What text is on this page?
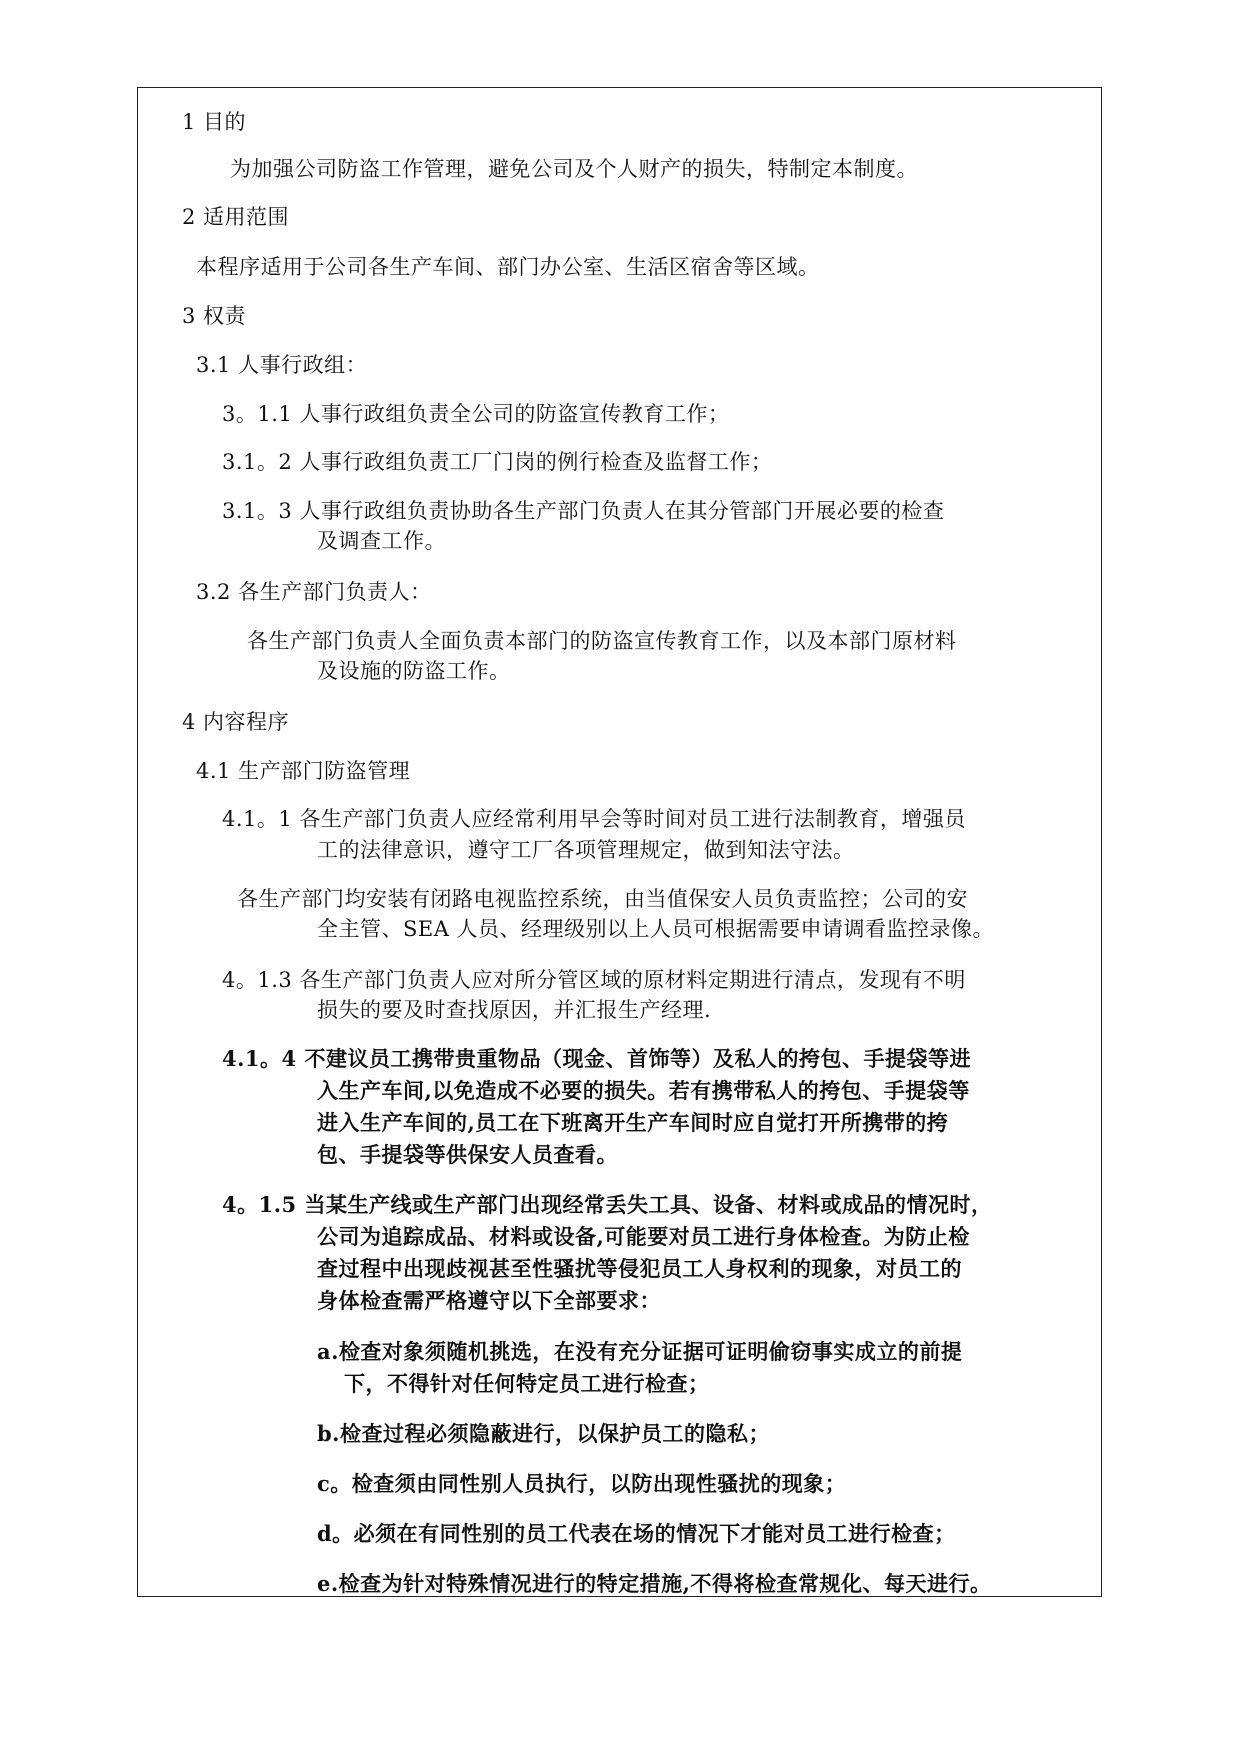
1 目的
为加强公司防盗工作管理，避免公司及个人财产的损失，特制定本制度。
2 适用范围
本程序适用于公司各生产车间、部门办公室、生活区宿舍等区域。
3 权责
3.1 人事行政组：
3。1.1 人事行政组负责全公司的防盗宣传教育工作；
3.1。2 人事行政组负责工厂门岗的例行检查及监督工作；
3.1。3 人事行政组负责协助各生产部门负责人在其分管部门开展必要的检查
及调查工作。
3.2 各生产部门负责人：
各生产部门负责人全面负责本部门的防盗宣传教育工作，以及本部门原材料
及设施的防盗工作。
4 内容程序
4.1 生产部门防盗管理
4.1。1 各生产部门负责人应经常利用早会等时间对员工进行法制教育，增强员
工的法律意识，遵守工厂各项管理规定，做到知法守法。
各生产部门均安装有闭路电视监控系统，由当值保安人员负责监控；公司的安
全主管、SEA 人员、经理级别以上人员可根据需要申请调看监控录像。
4。1.3 各生产部门负责人应对所分管区域的原材料定期进行清点，发现有不明
损失的要及时查找原因，并汇报生产经理.
4.1。4 不建议员工携带贵重物品（现金、首饰等）及私人的挎包、手提袋等进
入生产车间,以免造成不必要的损失。若有携带私人的挎包、手提袋等
进入生产车间的,员工在下班离开生产车间时应自觉打开所携带的挎
包、手提袋等供保安人员查看。
4。1.5 当某生产线或生产部门出现经常丢失工具、设备、材料或成品的情况时，
公司为追踪成品、材料或设备,可能要对员工进行身体检查。为防止检
查过程中出现歧视甚至性骚扰等侵犯员工人身权利的现象，对员工的
身体检查需严格遵守以下全部要求：
a.检查对象须随机挑选，在没有充分证据可证明偷窃事实成立的前提
下，不得针对任何特定员工进行检查；
b.检查过程必须隐蔽进行，以保护员工的隐私；
c。检查须由同性别人员执行，以防出现性骚扰的现象；
d。必须在有同性别的员工代表在场的情况下才能对员工进行检查；
e.检查为针对特殊情况进行的特定措施,不得将检查常规化、每天进行。
